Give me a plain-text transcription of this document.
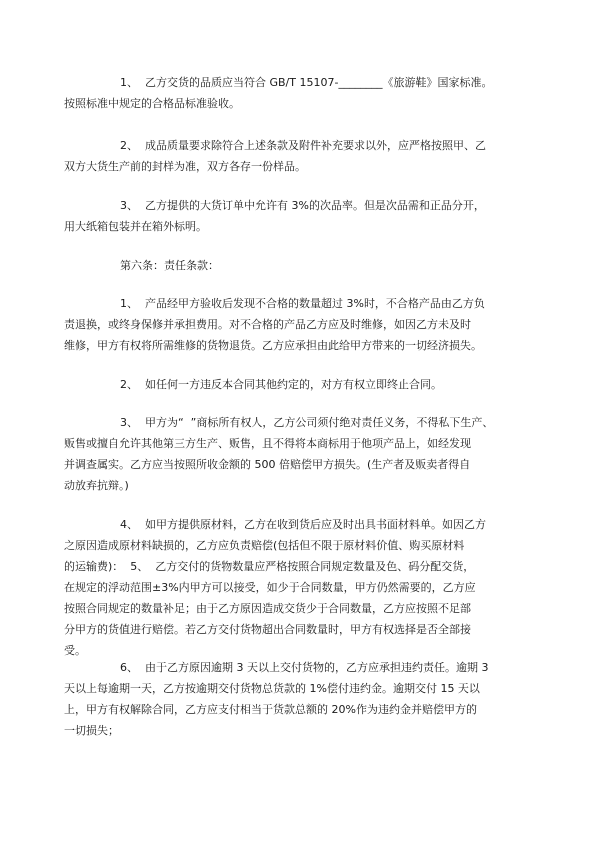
1、  乙方交货的品质应当符合 GB/T 15107-________《旅游鞋》国家标准。
按照标准中规定的合格品标准验收。
2、  成品质量要求除符合上述条款及附件补充要求以外，应严格按照甲、乙
双方大货生产前的封样为准，双方各存一份样品。
3、  乙方提供的大货订单中允许有 3%的次品率。但是次品需和正品分开，
用大纸箱包装并在箱外标明。
第六条：责任条款：
1、  产品经甲方验收后发现不合格的数量超过 3%时，不合格产品由乙方负
责退换，或终身保修并承担费用。对不合格的产品乙方应及时维修，如因乙方未及时
维修，甲方有权将所需维修的货物退货。乙方应承担由此给甲方带来的一切经济损失。
2、  如任何一方违反本合同其他约定的，对方有权立即终止合同。
3、  甲方为“  ”商标所有权人，乙方公司须付绝对责任义务，不得私下生产、
贩售或擅自允许其他第三方生产、贩售，且不得将本商标用于他项产品上，如经发现
并调查属实。乙方应当按照所收金额的 500 倍赔偿甲方损失。(生产者及贩卖者得自
动放弃抗辩。)
4、  如甲方提供原材料，乙方在收到货后应及时出具书面材料单。如因乙方
之原因造成原材料缺损的，乙方应负责赔偿(包括但不限于原材料价值、购买原材料
的运输费)：  5、  乙方交付的货物数量应严格按照合同规定数量及色、码分配交货，
在规定的浮动范围±3%内甲方可以接受，如少于合同数量，甲方仍然需要的，乙方应
按照合同规定的数量补足；由于乙方原因造成交货少于合同数量，乙方应按照不足部
分甲方的货值进行赔偿。若乙方交付货物超出合同数量时，甲方有权选择是否全部接
受。
6、  由于乙方原因逾期 3 天以上交付货物的，乙方应承担违约责任。逾期 3
天以上每逾期一天，乙方按逾期交付货物总货款的 1%偿付违约金。逾期交付 15 天以
上，甲方有权解除合同，乙方应支付相当于货款总额的 20%作为违约金并赔偿甲方的
一切损失；
